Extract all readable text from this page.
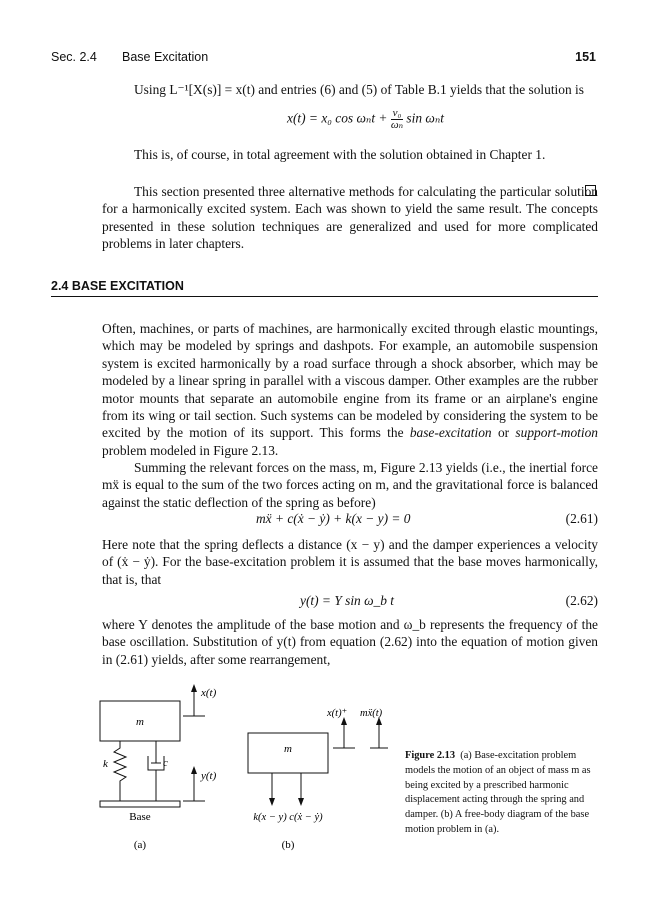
Sec. 2.4 Base Excitation	151

Using L⁻¹[X(s)] = x(t) and entries (6) and (5) of Table B.1 yields that the solution is

x(t) = x₀ $\cos \omega_nt + \frac{\text{v₀}}{\text{ωₙ}}$ sin ωₙt

This is, of course, in total agreement with the solution obtained in Chapter 1.

This section presented three alternative methods for calculating the particular solution for a harmonically excited system. Each was shown to yield the same result. The concepts presented in these solution techniques are generalized and used for more complicated problems in later chapters.

2.4 BASE EXCITATION

Often, machines, or parts of machines, are harmonically excited through elastic mountings, which may be modeled by springs and dashpots. For example, an automobile suspension system is excited harmonically by a road surface through a shock absorber, which may be modeled by a linear spring in parallel with a viscous damper. Other examples are the rubber motor mounts that separate an automobile engine from its frame or an airplane's engine from its wing or tail section. Such systems can be modeled by considering the system to be excited by the motion of its support. This forms the base-excitation or support-motion problem modeled in Figure 2.13.

Summing the relevant forces on the mass, m, Figure 2.13 yields (i.e., the inertial force mẍ is equal to the sum of the two forces acting on m, and the gravitational force is balanced against the static deflection of the spring as before)

mẍ + c(ẋ − ẏ) + k(x − y) = 0	(2.61)

Here note that the spring deflects a distance (x − y) and the damper experiences a velocity of (ẋ − ẏ). For the base-excitation problem it is assumed that the base moves harmonically, that is, that

y(t) = Y sin ω_b t	(2.62)

where Y denotes the amplitude of the base motion and ω_b represents the frequency of the base oscillation. Substitution of y(t) from equation (2.62) into the equation of motion given in (2.61) yields, after some rearrangement,

m
x(t)
k	c
Base
y(t)
(a)
m
x(t)⁺ mẍ(t)
k(x − y) c(ẋ − ẏ)
(b)
Figure 2.13 (a) Base-excitation problem models the motion of an object of mass m as being excited by a prescribed harmonic displacement acting through the spring and damper. (b) A free-body diagram of the base motion problem in (a).
